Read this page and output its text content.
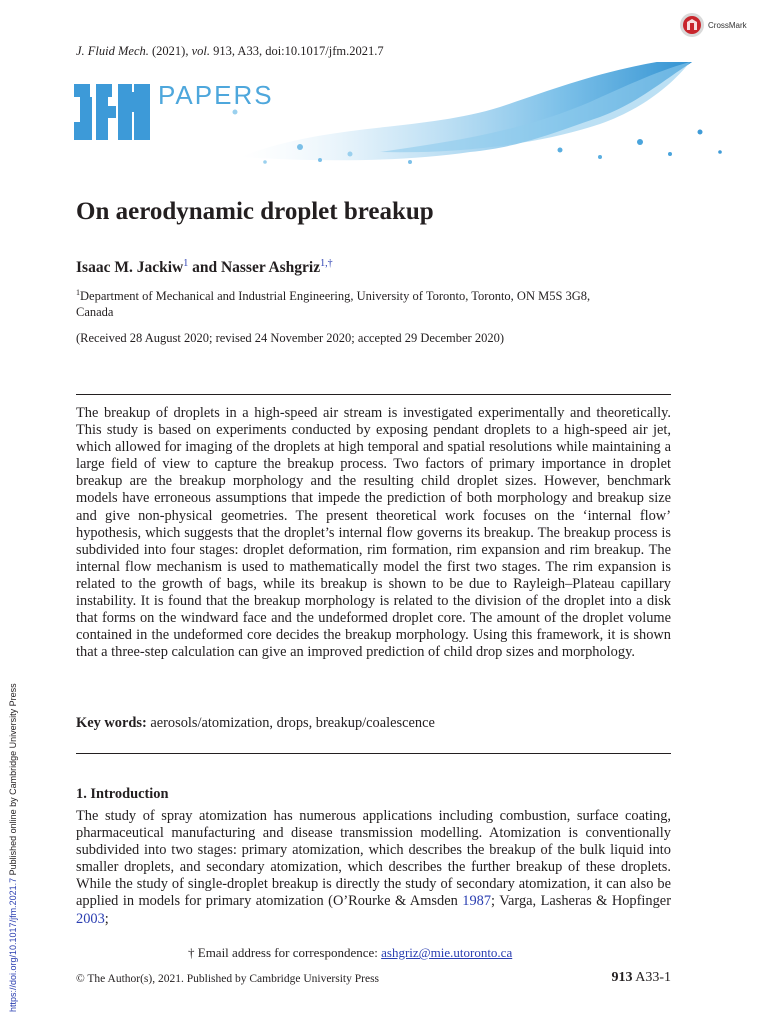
J. Fluid Mech. (2021), vol. 913, A33, doi:10.1017/jfm.2021.7
CrossMark
PAPERS
On aerodynamic droplet breakup
Isaac M. Jackiw$^1$ and Nasser Ashgriz$^{1,\dagger}$
$^1$Department of Mechanical and Industrial Engineering, University of Toronto, Toronto, ON M5S 3G8, Canada
(Received 28 August 2020; revised 24 November 2020; accepted 29 December 2020)

The breakup of droplets in a high-speed air stream is investigated experimentally and theoretically. This study is based on experiments conducted by exposing pendant droplets to a high-speed air jet, which allowed for imaging of the droplets at high temporal and spatial resolutions while maintaining a large field of view to capture the breakup process. Two factors of primary importance in droplet breakup are the breakup morphology and the resulting child droplet sizes. However, benchmark models have erroneous assumptions that impede the prediction of both morphology and breakup size and give non-physical geometries. The present theoretical work focuses on the ‘internal flow’ hypothesis, which suggests that the droplet’s internal flow governs its breakup. The breakup process is subdivided into four stages: droplet deformation, rim formation, rim expansion and rim breakup. The internal flow mechanism is used to mathematically model the first two stages. The rim expansion is related to the growth of bags, while its breakup is shown to be due to Rayleigh–Plateau capillary instability. It is found that the breakup morphology is related to the division of the droplet into a disk that forms on the windward face and the undeformed droplet core. The amount of the droplet volume contained in the undeformed core decides the breakup morphology. Using this framework, it is shown that a three-step calculation can give an improved prediction of child drop sizes and morphology.

Key words: aerosols/atomization, drops, breakup/coalescence
1. Introduction

The study of spray atomization has numerous applications including combustion, surface coating, pharmaceutical manufacturing and disease transmission modelling. Atomization is conventionally subdivided into two stages: primary atomization, which describes the breakup of the bulk liquid into smaller droplets, and secondary atomization, which describes the further breakup of these droplets. While the study of single-droplet breakup is directly the study of secondary atomization, it can also be applied in models for primary atomization (O’Rourke & Amsden 1987; Varga, Lasheras & Hopfinger 2003;

† Email address for correspondence: ashgriz@mie.utoronto.ca
© The Author(s), 2021. Published by Cambridge University Press	913 A33-1
https://doi.org/10.1017/jfm.2021.7 Published online by Cambridge University Press
